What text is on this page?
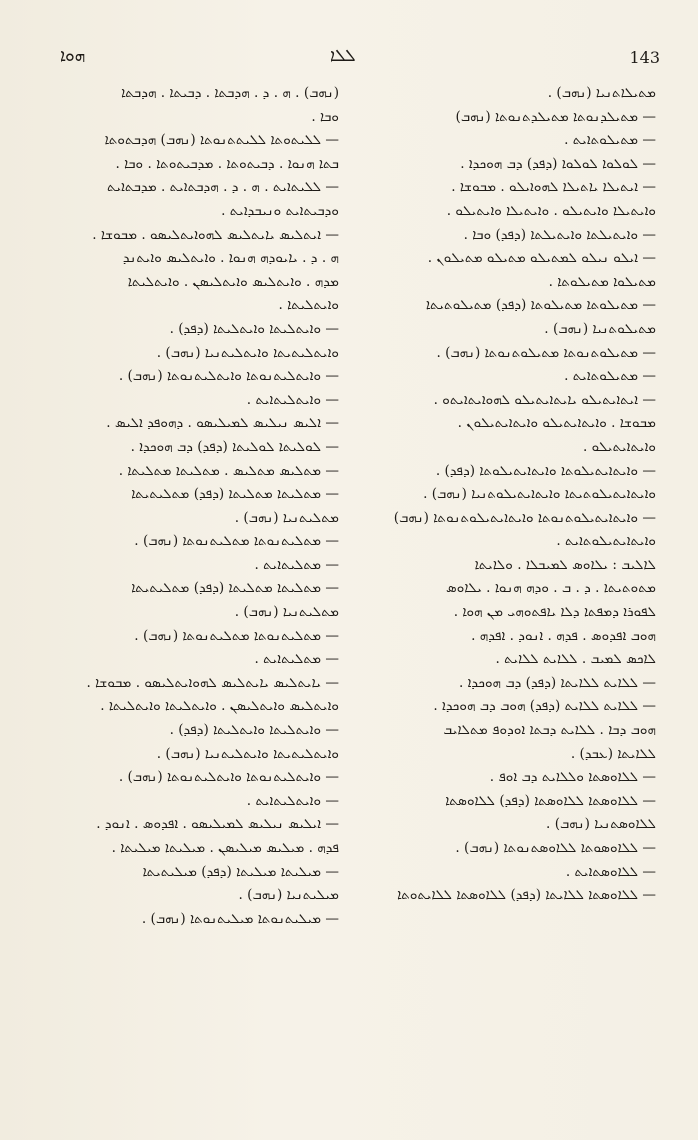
ܗܘܐ	ܠܠܐ	143

ܡܬܝܠܐܬܢܝܐ (ܢܗܒ) .

— ܡܬܝܠܕܢܘܬܐ ܡܬܝܠܕܬܢܘܬܐ (ܢܗܒ)

— ܡܬܝܠܘܬܐܝܬ .

— ܠܘܠܘܐ ܠܘܠܘܐ (ܕܦܕ) ܕܒ ܗܘܟܕܐ .

— ܐܝܬܝܠܐ ܝܐܬܝܠܐ ܠܗܘܐܝܠܘ . ܡܒܘܫܐ .

ܘܐܝܬܝܠܐ ܘܐܝܬܝܠܘ . ܘܐܝܬܝܠܐ ܘܐܝܬܝܠܘ .

— ܘܐܝܬܝܠܬܐ ܘܐܝܬܝܠܬܐ (ܕܦܕ) ܘܒܐ .

— ܐܝܠܘ ܢܝܠܘ ܠܡܬܝܠܘ ܡܬܝܠܘ ܡܬܝܠܘܢ .

ܡܬܝܠܘܐ ܡܬܝܠܘܬܐ .

— ܡܬܝܠܘܬܐ ܡܬܝܠܘܬܐ (ܕܦܕ) ܡܬܝܠܘܬܝܬܐ

ܡܬܝܠܘܬܢܝܐ (ܢܗܒ) .

— ܡܬܝܠܘܬܢܘܬܐ ܡܬܝܠܘܬܢܘܬܐ (ܢܗܒ) .

— ܡܬܝܠܘܬܐܝܬ .

— ܐܝܬܐܝܬܝܠܘ ܝܐܝܬܐܝܬܝܠܘ ܠܗܘܐܝܬܐܝܬܘ .

ܡܒܘܫܐ . ܘܐܝܬܐܝܬܝܠܘ ܘܐܝܬܐܝܬܝܠܘܢ .

ܘܐܝܬܐܝܬܝܠܘ .

— ܘܐܝܬܐܝܬܝܠܘܬܐ ܘܐܝܬܐܝܬܝܠܘܬܐ (ܕܦܕ) .

ܘܐܝܬܐܝܬܝܠܘܬܝܬܐ ܘܐܝܬܐܝܬܝܠܘܬܢܝܐ (ܢܗܒ) .

— ܘܐܝܬܐܝܬܝܠܘܬܢܘܬܐ ܘܐܝܬܐܝܬܝܠܘܬܢܘܬܐ (ܢܗܒ)

ܘܐܝܬܐܝܬܝܠܘܬܐܝܬ .

ܠܐܠܝܒ : ܝܠܐܘܣ ܠܡܝܒܠܐ . ܘܠܐܝܬܐ

ܡܬܘܬܝܬܐ . ܕ . ܒ . ܘܕܗ ܗܢܘܐ . ܝܠܐܘܣ

ܠܦܘܪܐ ܕܡܦܬܐ ܕܠܐ ܝܐܦܬܘܗܝ ܡܢ ܗܘܐ .

ܗܘܒ ܐܦܕܘܣ . ܦܕܗ . ܐܢܘܕ . ܐܦܕܗ .

ܠܐܟܣ ܠܡܝܒ . ܠܠܐܝܬ ܠܠܐܝܬ .

— ܠܠܐܝܬ ܠܠܐܝܬܐ (ܕܦܕ) ܕܒ ܗܘܟܕܐ .

— ܠܠܐܝܬ ܠܠܐܝܬ (ܕܦܕ) ܗܘܒ ܕܒ ܗܘܟܕܐ .

ܗܘܒ ܕܒܐ . ܠܠܐܝܬ ܕܒܬܐ ܐܘܕܘܦ ܡܬܠܐܝܒ

ܠܠܐܝܬܐ (ܥܒܕ) .

— ܠܠܐܘܣܬܐ ܘܠܠܐܝܬ ܕܒ ܐܘܦ .

— ܠܠܐܘܣܬܐ ܠܠܐܘܣܬܐ (ܕܦܕ) ܠܠܐܘܣܬܐ

ܠܠܐܘܣܬܢܝܐ (ܢܗܒ) .

— ܠܠܐܘܣܘܬܐ ܠܠܐܘܣܬܢܘܬܐ (ܢܗܒ) .

— ܠܠܐܘܣܬܐܝܬ .

— ܠܠܐܘܣܬܐ ܠܠܐܝܬܐ (ܕܦܕ) ܠܠܐܘܣܬܐ ܠܠܐܝܬܘܬܐ

(ܢܗܒ) . ܗ . ܕ . ܗܕܒܬܐ . ܕܒܝܬܐ . ܗܕܒܬܐ

ܘܒܐ .

— ܠܠܝܬܘܬܐ ܠܠܝܬܬܢܘܬܐ (ܢܗܒ) ܗܕܒܬܘܬܐ

ܒܬܐ ܗܢܘܐ . ܕܒܝܬܘܬܐ . ܡܕܒܝܬܘܬܐ . ܘܒܐ .

— ܠܠܝܬܐܝܬ . ܗ . ܕ . ܗܕܒܬܐܝܬ . ܡܕܒܬܐܝܬ

ܘܕܒܝܬܐܝܬ ܘܢܝܒܕܐܝܬ .

— ܐܝܬܠܝܣ ܝܐܝܬܠܝܣ ܠܗܘܐܝܬܠܝܣܘ . ܡܒܘܫܐ .

ܗ . ܕ . ܝܐܝܘܕܗ ܗܢܘܐ . ܘܐܝܬܠܝܣ ܘܐܝܬܢܕ

ܡܕܗ . ܘܐܝܬܠܝܣ ܘܐܝܬܠܝܣܢ . ܘܐܝܬܠܝܬܐ

ܘܐܝܬܠܝܬܐ .

— ܘܐܝܬܠܝܬܐ ܘܐܝܬܠܝܬܐ (ܕܦܕ) .

ܘܐܝܬܠܝܬܝܬܐ ܘܐܝܬܠܝܬܢܝܐ (ܢܗܒ) .

— ܘܐܝܬܠܝܬܢܘܬܐ ܘܐܝܬܠܝܬܢܘܬܐ (ܢܗܒ) .

— ܘܐܝܬܠܝܬܐܝܬ .

— ܐܠܝܣ ܢܝܠܝܣ ܠܡܝܠܝܣܘ . ܕܗܘܦܕ ܐܠܝܣ .

— ܠܘܠܝܬܐ ܠܘܠܝܬܐ (ܕܦܕ) ܕܒ ܗܘܟܕܐ .

— ܡܬܠܝܣ ܡܬܠܝܣ . ܡܬܠܝܬܐ ܡܬܠܝܬܐ .

— ܡܬܠܝܬܐ ܡܬܠܝܬܐ (ܕܦܕ) ܡܬܠܝܬܝܬܐ

ܡܬܠܝܬܢܝܐ (ܢܗܒ) .

— ܡܬܠܝܬܢܘܬܐ ܡܬܠܝܬܢܘܬܐ (ܢܗܒ) .

— ܡܬܠܝܬܐܝܬ .

— ܡܬܠܝܬܐ ܡܬܠܝܬܐ (ܕܦܕ) ܡܬܠܝܬܝܬܐ

ܡܬܠܝܬܢܝܐ (ܢܗܒ) .

— ܡܬܠܝܬܢܘܬܐ ܡܬܠܝܬܢܘܬܐ (ܢܗܒ) .

— ܡܬܠܝܬܐܝܬ .

— ܝܐܝܬܠܝܣ ܝܐܝܬܠܝܣ ܠܗܘܐܝܬܠܝܣܘ . ܡܒܘܫܐ .

ܘܐܝܬܠܝܣ ܘܐܝܬܠܝܣܢ . ܘܐܝܬܠܝܬܐ ܘܐܝܬܠܝܬܐ .

— ܘܐܝܬܠܝܬܐ ܘܐܝܬܠܝܬܐ (ܕܦܕ) .

ܘܐܝܬܠܝܬܝܬܐ ܘܐܝܬܠܝܬܢܝܐ (ܢܗܒ) .

— ܘܐܝܬܠܝܬܢܘܬܐ ܘܐܝܬܠܝܬܢܘܬܐ (ܢܗܒ) .

— ܘܐܝܬܠܝܬܐܝܬ .

— ܐܝܠܝܣ ܢܝܠܝܣ ܠܡܝܠܝܣܘ . ܐܦܕܘܣ . ܐܢܘܕ .

ܦܕܗ . ܡܝܠܝܣ ܡܝܠܝܣܢ . ܡܝܠܝܬܐ ܡܝܠܝܬܐ .

— ܡܝܠܝܬܐ ܡܝܠܝܬܐ (ܕܦܕ) ܡܝܠܝܬܝܬܐ

ܡܝܠܝܬܢܝܐ (ܢܗܒ) .

— ܡܝܠܝܬܢܘܬܐ ܡܝܠܝܬܢܘܬܐ (ܢܗܒ) .
